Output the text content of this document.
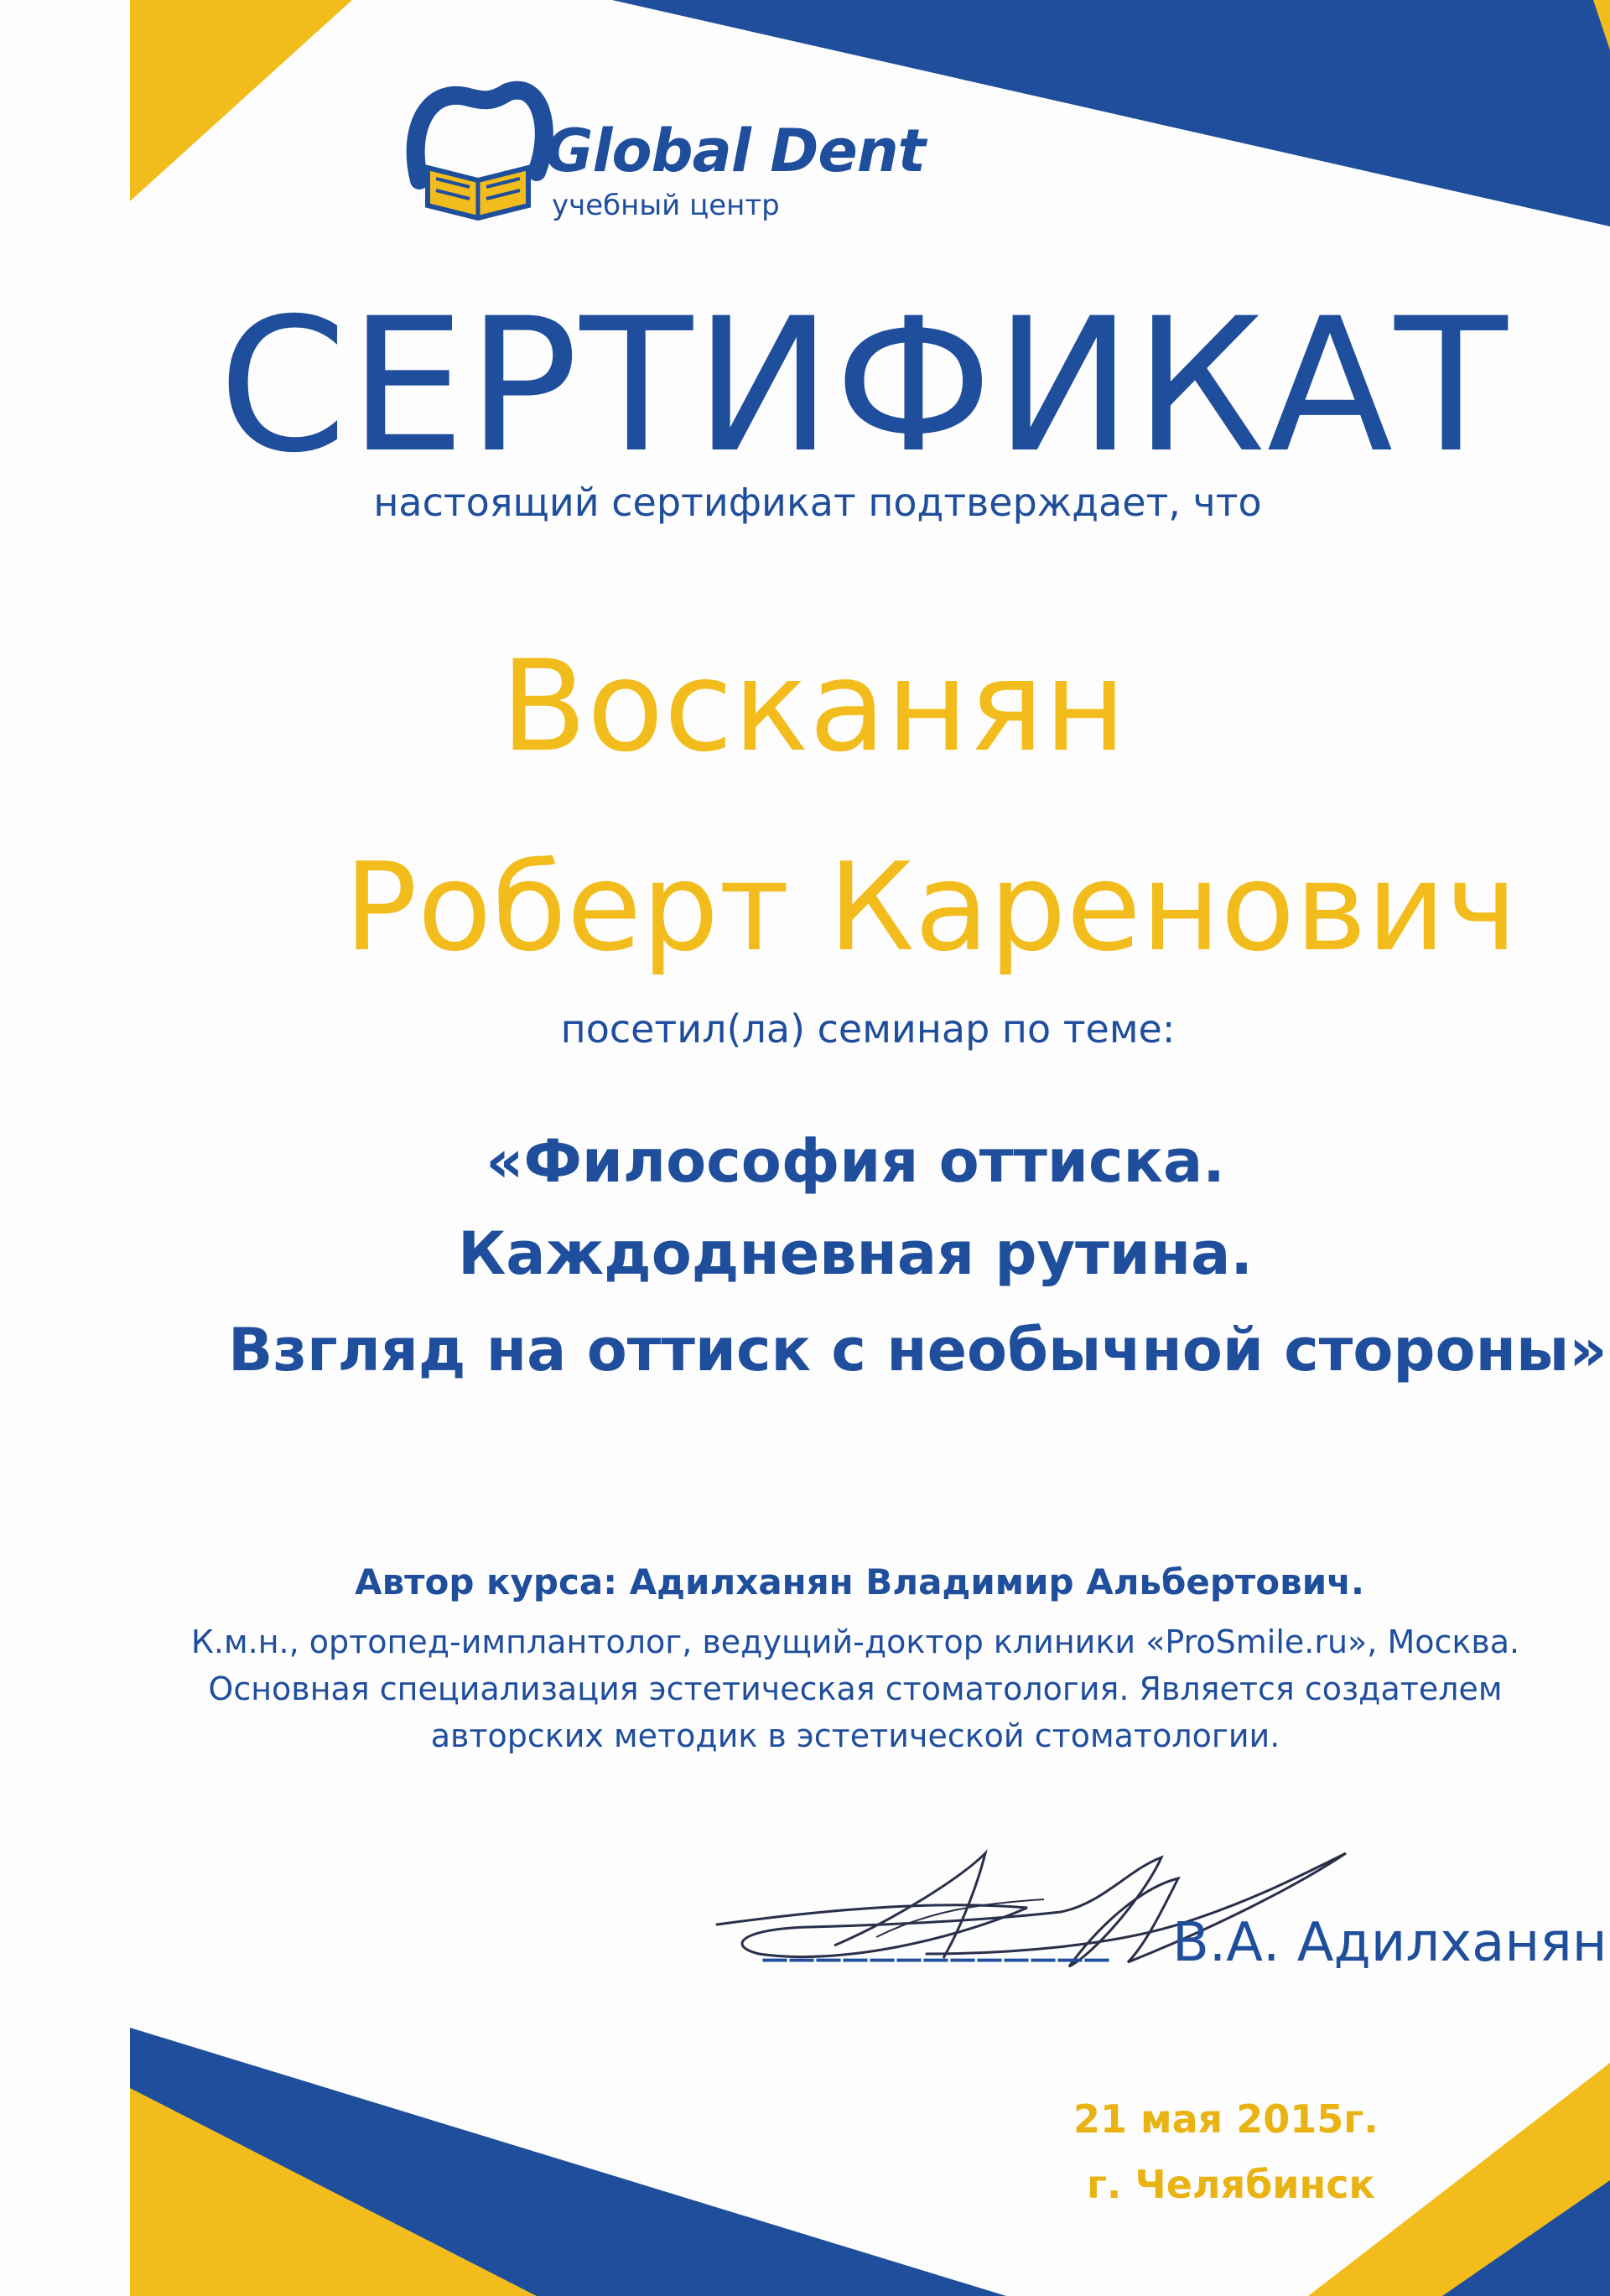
Global Dent
учебный центр
СЕРТИФИКАТ
настоящий сертификат подтверждает, что
Восканян
Роберт Каренович
посетил(ла) семинар по теме:
«Философия оттиска.
Каждодневная рутина.
Взгляд на оттиск с необычной стороны»
Автор курса: Адилханян Владимир Альбертович.
К.м.н., ортопед-имплантолог, ведущий-доктор клиники «ProSmile.ru», Москва.
Основная специализация эстетическая стоматология. Является создателем
авторских методик в эстетической стоматологии.
_____________ В.А. Адилханян
21 мая 2015г.
г. Челябинск
